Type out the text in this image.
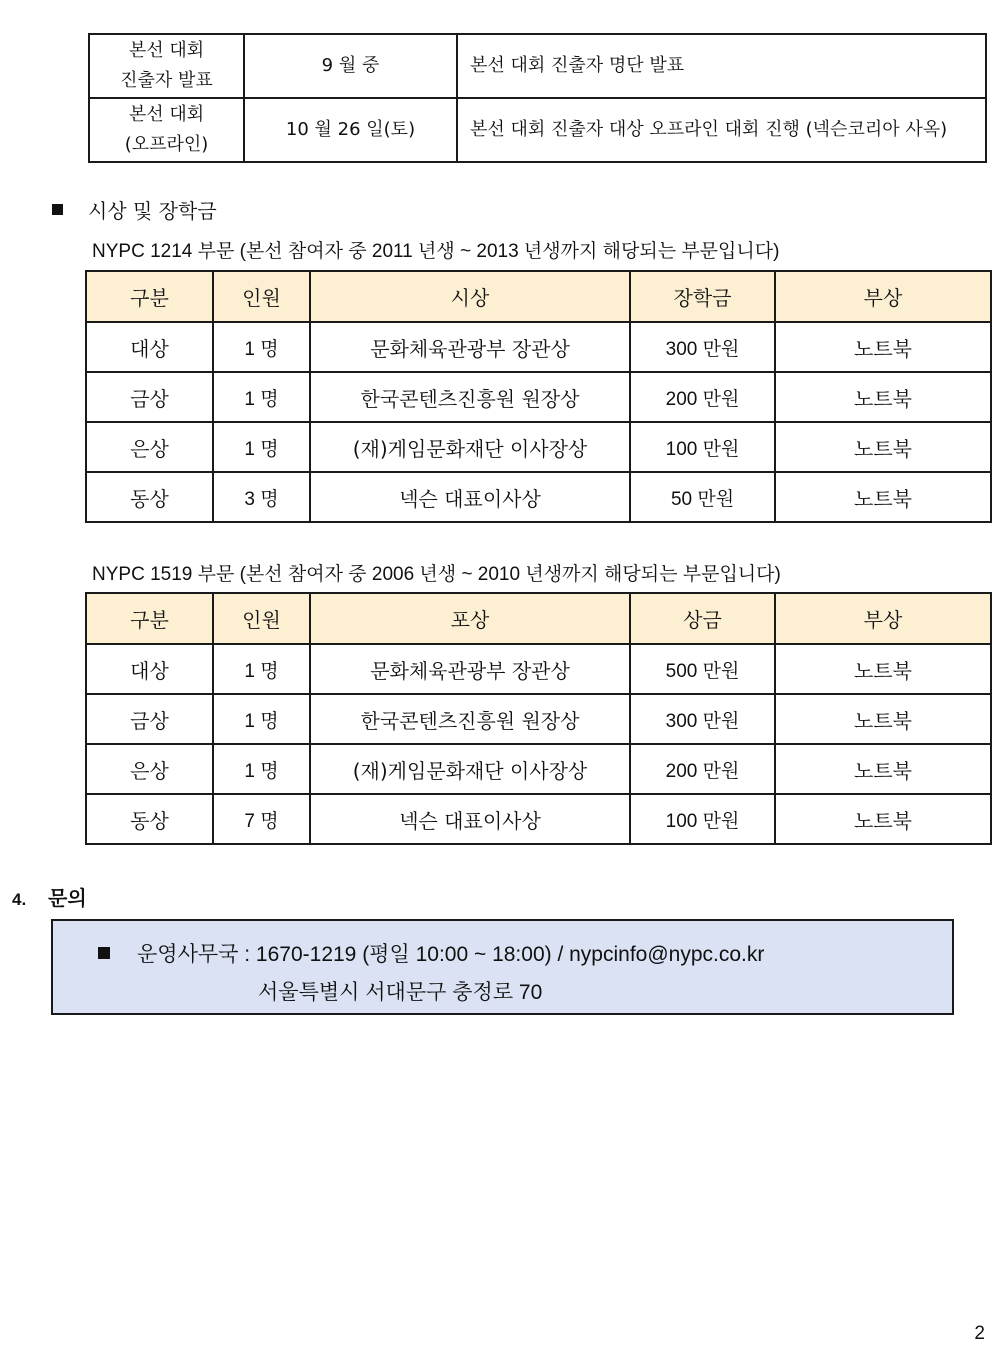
본선 대회
진출자 발표	9 월 중	본선 대회 진출자 명단 발표
본선 대회
(오프라인)	10 월 26 일(토)	본선 대회 진출자 대상 오프라인 대회 진행 (넥슨코리아 사옥)
시상 및 장학금
NYPC 1214 부문 (본선 참여자 중 2011 년생 ~ 2013 년생까지 해당되는 부문입니다)
구분	인원	시상	장학금	부상
대상	1 명	문화체육관광부 장관상	300 만원	노트북
금상	1 명	한국콘텐츠진흥원 원장상	200 만원	노트북
은상	1 명	(재)게임문화재단 이사장상	100 만원	노트북
동상	3 명	넥슨 대표이사상	50 만원	노트북
NYPC 1519 부문 (본선 참여자 중 2006 년생 ~ 2010 년생까지 해당되는 부문입니다)
구분	인원	포상	상금	부상
대상	1 명	문화체육관광부 장관상	500 만원	노트북
금상	1 명	한국콘텐츠진흥원 원장상	300 만원	노트북
은상	1 명	(재)게임문화재단 이사장상	200 만원	노트북
동상	7 명	넥슨 대표이사상	100 만원	노트북
4. 문의
운영사무국 : 1670-1219 (평일 10:00 ~ 18:00) / nypcinfo@nypc.co.kr
서울특별시 서대문구 충정로 70
2
